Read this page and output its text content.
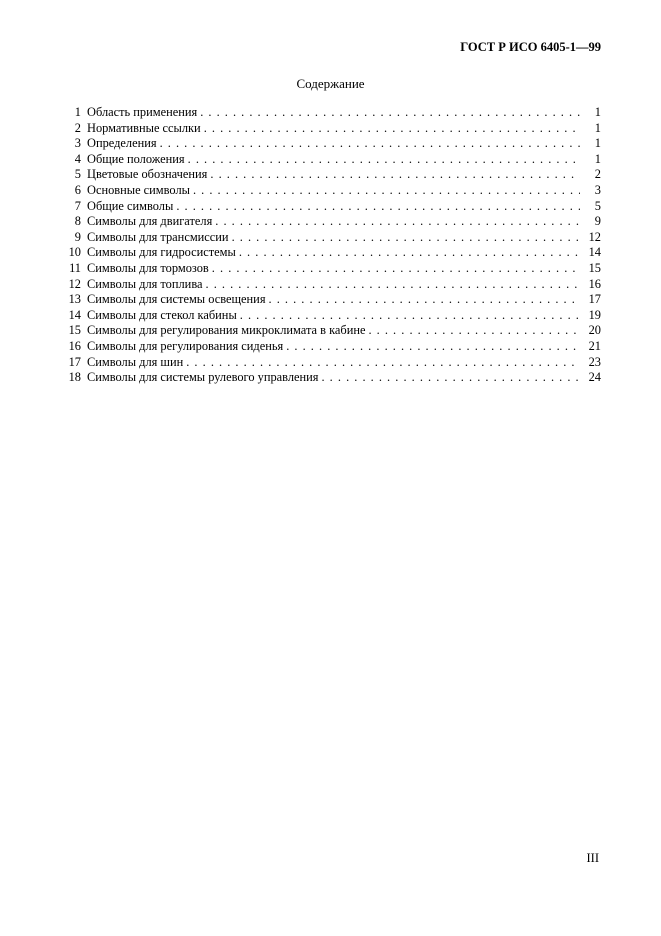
ГОСТ Р ИСО 6405-1—99
Содержание
1 Область применения . . .	1
2 Нормативные ссылки . . .	1
3 Определения . . .	1
4 Общие положения . . .	1
5 Цветовые обозначения . . .	2
6 Основные символы . . .	3
7 Общие символы . . .	5
8 Символы для двигателя . . .	9
9 Символы для трансмиссии . . .	12
10 Символы для гидросистемы . . .	14
11 Символы для тормозов . . .	15
12 Символы для топлива . . .	16
13 Символы для системы освещения . . .	17
14 Символы для стекол кабины . . .	19
15 Символы для регулирования микроклимата в кабине . . .	20
16 Символы для регулирования сиденья . . .	21
17 Символы для шин . . .	23
18 Символы для системы рулевого управления . . .	24
III
